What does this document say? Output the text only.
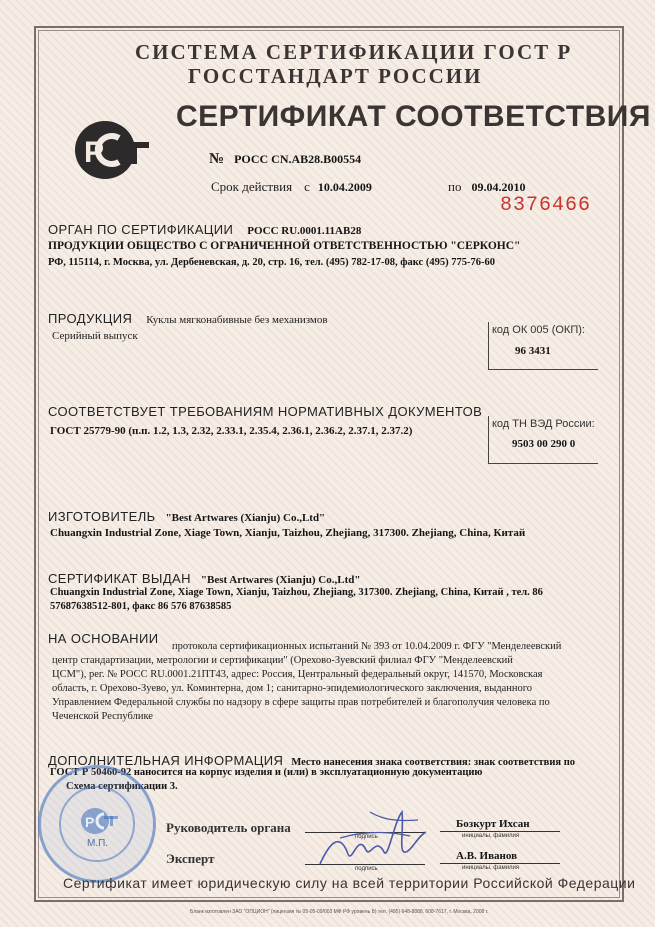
СИСТЕМА СЕРТИФИКАЦИИ ГОСТ Р
ГОССТАНДАРТ РОССИИ
P
СЕРТИФИКАТ СООТВЕТСТВИЯ
№ РОСС CN.АВ28.В00554
Срок действия с 10.04.2009	по 09.04.2010
8376466
ОРГАН ПО СЕРТИФИКАЦИИ РОСС RU.0001.11АВ28
ПРОДУКЦИИ ОБЩЕСТВО С ОГРАНИЧЕННОЙ ОТВЕТСТВЕННОСТЬЮ "СЕРКОНС"
РФ, 115114, г. Москва, ул. Дербеневская, д. 20, стр. 16, тел. (495) 782-17-08, факс (495) 775-76-60
ПРОДУКЦИЯ Куклы мягконабивные без механизмов
Серийный выпуск	код ОК 005 (ОКП):
96 3431
СООТВЕТСТВУЕТ ТРЕБОВАНИЯМ НОРМАТИВНЫХ ДОКУМЕНТОВ
ГОСТ 25779-90 (п.п. 1.2, 1.3, 2.32, 2.33.1, 2.35.4, 2.36.1, 2.36.2, 2.37.1, 2.37.2)
код ТН ВЭД России:
9503 00 290 0
ИЗГОТОВИТЕЛЬ "Best Artwares (Xianju) Co.,Ltd"
Chuangxin Industrial Zone, Xiage Town, Xianju, Taizhou, Zhejiang, 317300. Zhejiang, China, Китай
СЕРТИФИКАТ ВЫДАН "Best Artwares (Xianju) Co.,Ltd"
Chuangxin Industrial Zone, Xiage Town, Xianju, Taizhou, Zhejiang, 317300. Zhejiang, China, Китай , тел. 86
57687638512-801, факс 86 576 87638585
НА ОСНОВАНИИ
протокола сертификационных испытаний № 393 от 10.04.2009 г. ФГУ "Менделеевский
центр стандартизации, метрологии и сертификации" (Орехово-Зуевский филиал ФГУ "Менделеевский
ЦСМ"), рег. № РОСС RU.0001.21ПТ43, адрес: Россия, Центральный федеральный округ, 141570, Московская
область, г. Орехово-Зуево, ул. Коминтерна, дом 1; санитарно-эпидемиологического заключения, выданного
Управлением Федеральной службы по надзору в сфере защиты прав потребителей и благополучия человека по
Чеченской Республике
ДОПОЛНИТЕЛЬНАЯ ИНФОРМАЦИЯ Место нанесения знака соответствия: знак соответствия по
ГОСТ Р 50460-92 наносится на корпус изделия и (или) в эксплуатационную документацию
Схема сертификации 3.
P
М.П.
Руководитель органа
подпись
Бозкурт Ихсан
инициалы, фамилия
Эксперт
подпись
А.В. Иванов
инициалы, фамилия
Сертификат имеет юридическую силу на всей территории Российской Федерации
Бланк изготовлен ЗАО "ОПЦИОН" (лицензия № 05-05-09/003 МФ РФ уровень Б) тел. (495) 648-8888, 608-7617, г. Москва, 2008 г.
